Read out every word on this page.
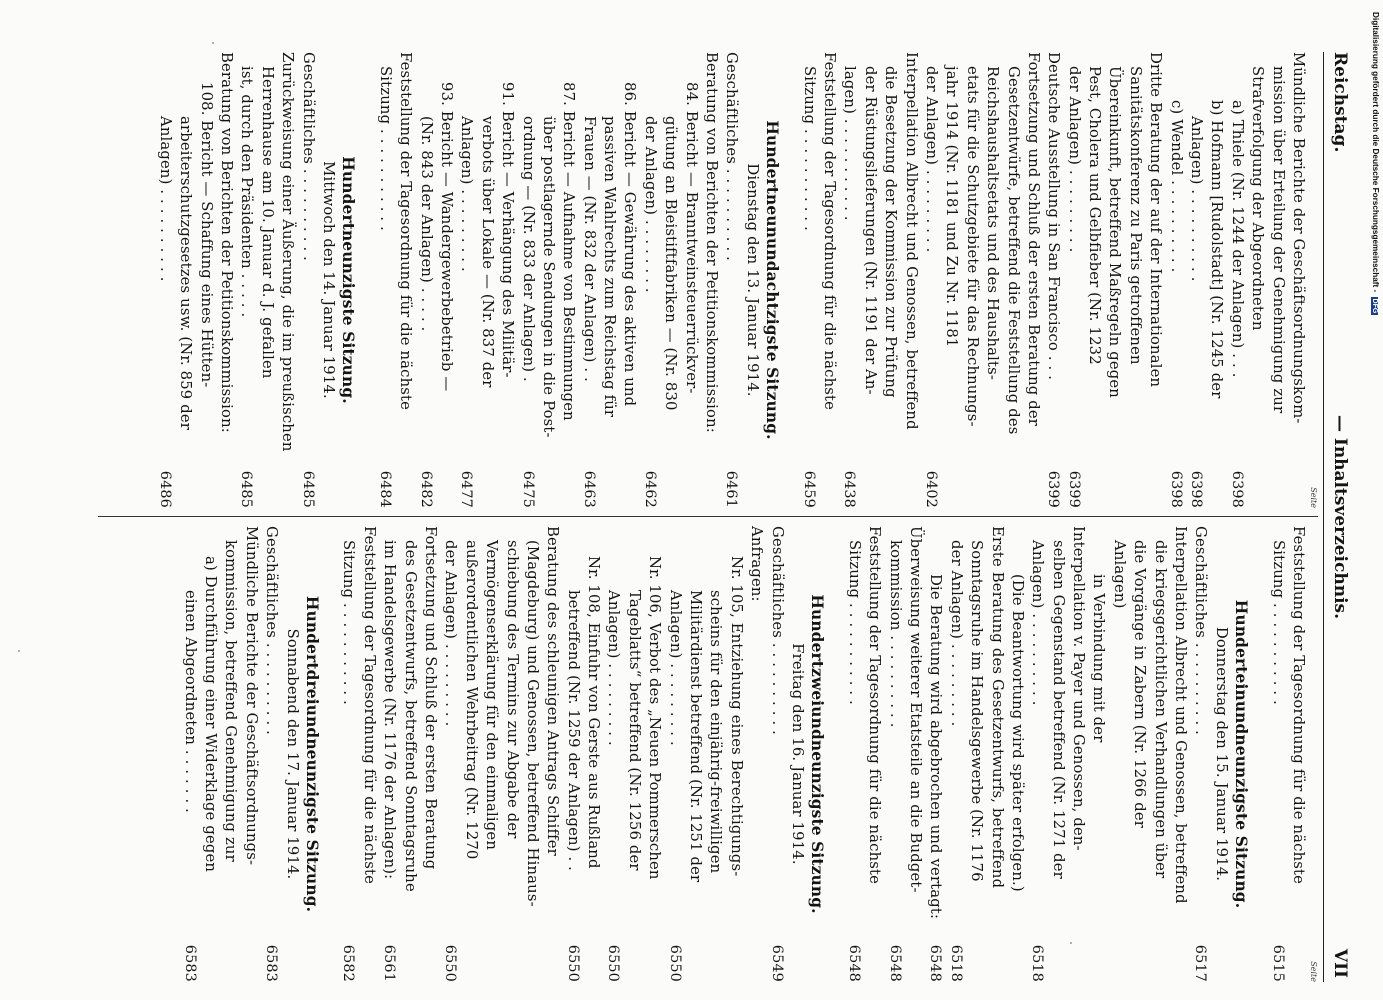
Reichstag.
— Inhaltsverzeichnis.
VII
Seite
Mündliche Berichte der Geschäftsordnungskom-
mission über Erteilung der Genehmigung zur
Strafverfolgung der Abgeordneten
a) Thiele (Nr. 1244 der Anlagen) . . .
6398
b) Hofmann [Rudolstadt] (Nr. 1245 der
Anlagen) . . . . . . . . . .
6398
c) Wendel . . . . . . . . . .
6398
Dritte Beratung der auf der Internationalen
Sanitätskonferenz zu Paris getroffenen
Übereinkunft, betreffend Maßregeln gegen
Pest, Cholera und Gelbfieber (Nr. 1232
der Anlagen) . . . . . . . . .
6399
Deutsche Ausstellung in San Francisco . . .
6399
Fortsetzung und Schluß der ersten Beratung der
Gesetzentwürfe, betreffend die Feststellung des
Reichshaushaltsetats und des Haushalts-
etats für die Schutzgebiete für das Rechnungs-
jahr 1914 (Nr. 1181 und Zu Nr. 1181
der Anlagen) . . . . . . . . .
6402
Interpellation Albrecht und Genossen, betreffend
die Besetzung der Kommission zur Prüfung
der Rüstungslieferungen (Nr. 1191 der An-
lagen) . . . . . . . . . . .
6438
Feststellung der Tagesordnung für die nächste
Sitzung . . . . . . . . . . .
6459
Hundertneunundachtzigste Sitzung.
Dienstag den 13. Januar 1914.
Geschäftliches . . . . . . . . . .
6461
Beratung von Berichten der Petitionskommission:
84. Bericht — Branntweinsteuerrückver-
gütung an Bleistiftfabriken — (Nr. 830
der Anlagen) . . . . . . . .
6462
86. Bericht — Gewährung des aktiven und
passiven Wahlrechts zum Reichstag für
Frauen — (Nr. 832 der Anlagen) . .
6463
87. Bericht — Aufnahme von Bestimmungen
über postlagernde Sendungen in die Post-
ordnung — (Nr. 833 der Anlagen) .
6475
91. Bericht — Verhängung des Militär-
verbots über Lokale — (Nr. 837 der
Anlagen) . . . . . . . . .
6477
93. Bericht — Wandergewerbebetrieb —
(Nr. 843 der Anlagen) . . . . .
6482
Feststellung der Tagesordnung für die nächste
Sitzung . . . . . . . . . . .
6484
Hundertneunzigste Sitzung.
Mittwoch den 14. Januar 1914.
Geschäftliches . . . . . . . . . .
6485
Zurückweisung einer Äußerung, die im preußischen
Herrenhause am 10. Januar d. J. gefallen
ist, durch den Präsidenten . . . . .
6485
Beratung von Berichten der Petitionskommission:
108. Bericht — Schaffung eines Hütten-
arbeiterschutzgesetzes usw. (Nr. 859 der
Anlagen) . . . . . . . . . .
6486
Seite
Feststellung der Tagesordnung für die nächste
Sitzung . . . . . . . . . . .
6515
Hunderteinundneunzigste Sitzung.
Donnerstag den 15. Januar 1914.
Geschäftliches . . . . . . . . . .
6517
Interpellation Albrecht und Genossen, betreffend
die kriegsgerichtlichen Verhandlungen über
die Vorgänge in Zabern (Nr. 1266 der
Anlagen)
in Verbindung mit der
Interpellation v. Payer und Genossen, den-
selben Gegenstand betreffend (Nr. 1271 der
Anlagen) . . . . . . . . . .
6518
(Die Beantwortung wird später erfolgen.)
Erste Beratung des Gesetzentwurfs, betreffend
Sonntagsruhe im Handelsgewerbe (Nr. 1176
der Anlagen) . . . . . . . . .
6518
Die Beratung wird abgebrochen und vertagt:
6548
Überweisung weiterer Etatsteile an die Budget-
kommission . . . . . . . . . .
6548
Feststellung der Tagesordnung für die nächste
Sitzung . . . . . . . . . . .
6548
Hundertzweiundneunzigste Sitzung.
Freitag den 16. Januar 1914.
Geschäftliches . . . . . . . . . .
6549
Anfragen:
Nr. 105, Entziehung eines Berechtigungs-
scheins für den einjährig-freiwilligen
Militärdienst betreffend (Nr. 1251 der
Anlagen) . . . . . . . . .
6550
Nr. 106, Verbot des „Neuen Pommerschen
Tageblatts“ betreffend (Nr. 1256 der
Anlagen) . . . . . . . . .
6550
Nr. 108, Einfuhr von Gerste aus Rußland
betreffend (Nr. 1259 der Anlagen) . .
6550
Beratung des schleunigen Antrags Schiffer
(Magdeburg) und Genossen, betreffend Hinaus-
schiebung des Termins zur Abgabe der
Vermögenserklärung für den einmaligen
außerordentlichen Wehrbeitrag (Nr. 1270
der Anlagen) . . . . . . . . .
6550
Fortsetzung und Schluß der ersten Beratung
des Gesetzentwurfs, betreffend Sonntagsruhe
im Handelsgewerbe (Nr. 1176 der Anlagen):
6561
Feststellung der Tagesordnung für die nächste
Sitzung . . . . . . . . . . .
6582
Hundertdreiundneunzigste Sitzung.
Sonnabend den 17. Januar 1914.
Geschäftliches . . . . . . . . . .
6583
Mündliche Berichte der Geschäftsordnungs-
kommission, betreffend Genehmigung zur
a) Durchführung einer Widerklage gegen
einen Abgeordneten . . . . . . .
6583
Digitalisierung gefördert durch die Deutsche Forschungsgemeinschaft - DFG
